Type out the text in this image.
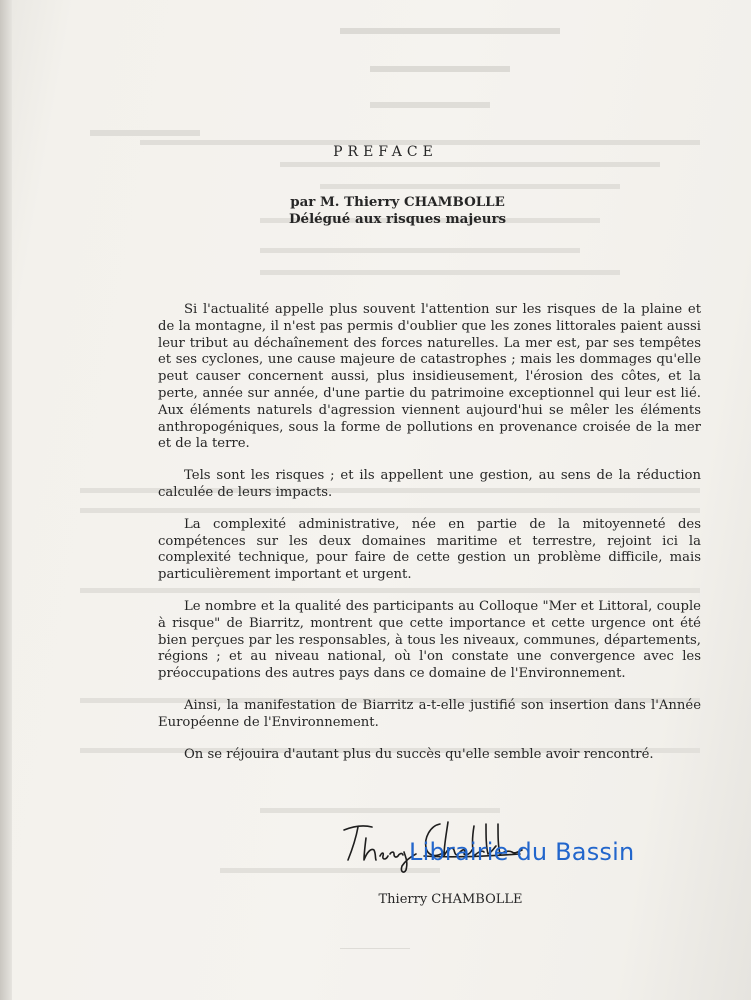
PREFACE
par M. Thierry CHAMBOLLE
Délégué aux risques majeurs

Si l'actualité appelle plus souvent l'attention sur les risques de la plaine et de la montagne, il n'est pas permis d'oublier que les zones littorales paient aussi leur tribut au déchaînement des forces naturelles. La mer est, par ses tempêtes et ses cyclones, une cause majeure de catastrophes ; mais les dommages qu'elle peut causer concernent aussi, plus insidieusement, l'érosion des côtes, et la perte, année sur année, d'une partie du patrimoine exceptionnel qui leur est lié. Aux éléments naturels d'agression viennent aujourd'hui se mêler les éléments anthropogéniques, sous la forme de pollutions en provenance croisée de la mer et de la terre.

Tels sont les risques ; et ils appellent une gestion, au sens de la réduction calculée de leurs impacts.

La complexité administrative, née en partie de la mitoyenneté des compétences sur les deux domaines maritime et terrestre, rejoint ici la complexité technique, pour faire de cette gestion un problème difficile, mais particulièrement important et urgent.

Le nombre et la qualité des participants au Colloque "Mer et Littoral, couple à risque" de Biarritz, montrent que cette importance et cette urgence ont été bien perçues par les responsables, à tous les niveaux, communes, départements, régions ; et au niveau national, où l'on constate une convergence avec les préoccupations des autres pays dans ce domaine de l'Environnement.

Ainsi, la manifestation de Biarritz a-t-elle justifié son insertion dans l'Année Européenne de l'Environnement.

On se réjouira d'autant plus du succès qu'elle semble avoir rencontré.

Librairie du Bassin
Thierry CHAMBOLLE
